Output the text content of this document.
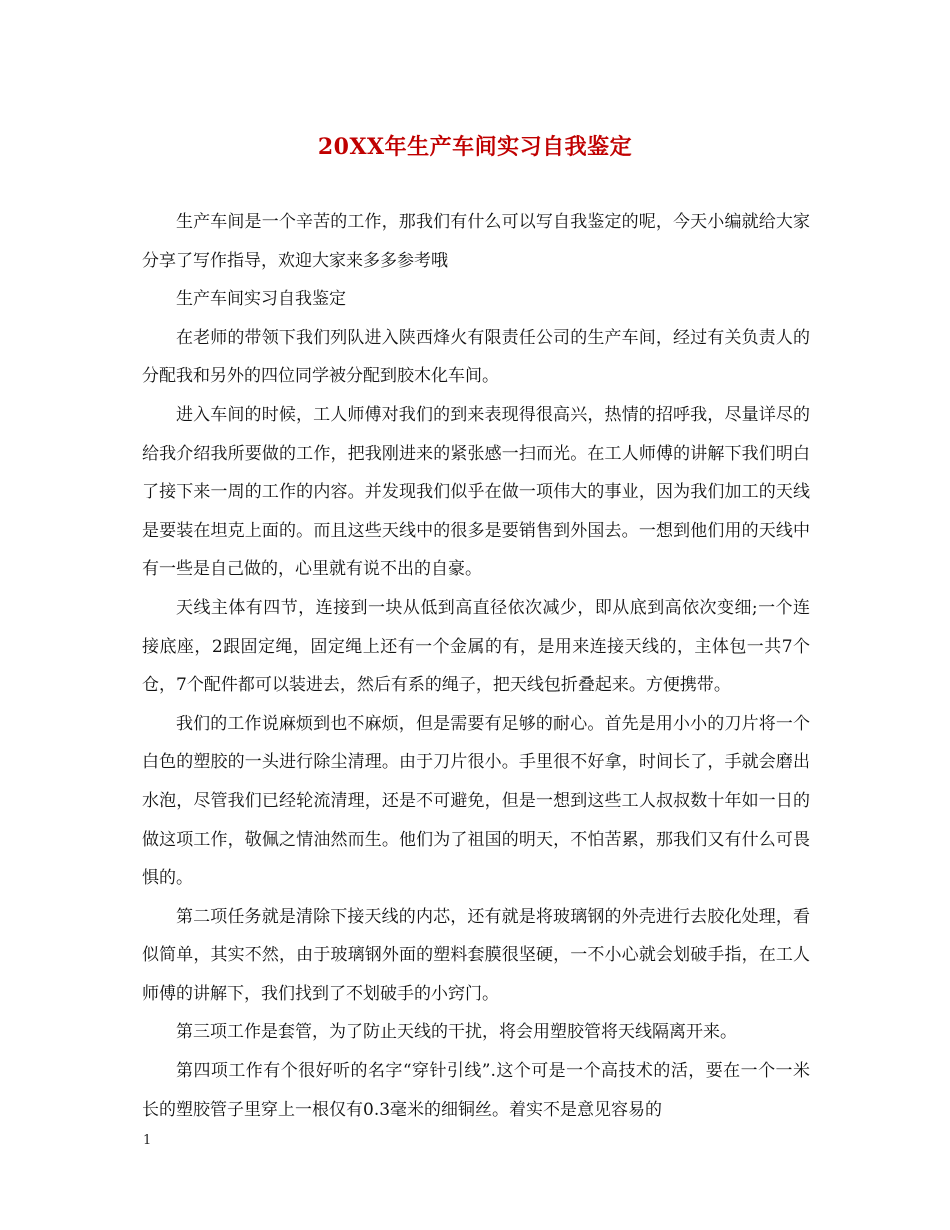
20XX年生产车间实习自我鉴定

生产车间是一个辛苦的工作，那我们有什么可以写自我鉴定的呢，今天小编就给大家分享了写作指导，欢迎大家来多多参考哦

生产车间实习自我鉴定

在老师的带领下我们列队进入陕西烽火有限责任公司的生产车间，经过有关负责人的分配我和另外的四位同学被分配到胶木化车间。

进入车间的时候，工人师傅对我们的到来表现得很高兴，热情的招呼我，尽量详尽的给我介绍我所要做的工作，把我刚进来的紧张感一扫而光。在工人师傅的讲解下我们明白了接下来一周的工作的内容。并发现我们似乎在做一项伟大的事业，因为我们加工的天线是要装在坦克上面的。而且这些天线中的很多是要销售到外国去。一想到他们用的天线中有一些是自己做的，心里就有说不出的自豪。

天线主体有四节，连接到一块从低到高直径依次减少，即从底到高依次变细;一个连接底座，2跟固定绳，固定绳上还有一个金属的有，是用来连接天线的，主体包一共7个仓，7个配件都可以装进去，然后有系的绳子，把天线包折叠起来。方便携带。

我们的工作说麻烦到也不麻烦，但是需要有足够的耐心。首先是用小小的刀片将一个白色的塑胶的一头进行除尘清理。由于刀片很小。手里很不好拿，时间长了，手就会磨出水泡，尽管我们已经轮流清理，还是不可避免，但是一想到这些工人叔叔数十年如一日的做这项工作，敬佩之情油然而生。他们为了祖国的明天，不怕苦累，那我们又有什么可畏惧的。

第二项任务就是清除下接天线的内芯，还有就是将玻璃钢的外壳进行去胶化处理，看似简单，其实不然，由于玻璃钢外面的塑料套膜很坚硬，一不小心就会划破手指，在工人师傅的讲解下，我们找到了不划破手的小窍门。

第三项工作是套管，为了防止天线的干扰，将会用塑胶管将天线隔离开来。

第四项工作有个很好听的名字“穿针引线”.这个可是一个高技术的活，要在一个一米长的塑胶管子里穿上一根仅有0.3毫米的细铜丝。着实不是意见容易的

1
